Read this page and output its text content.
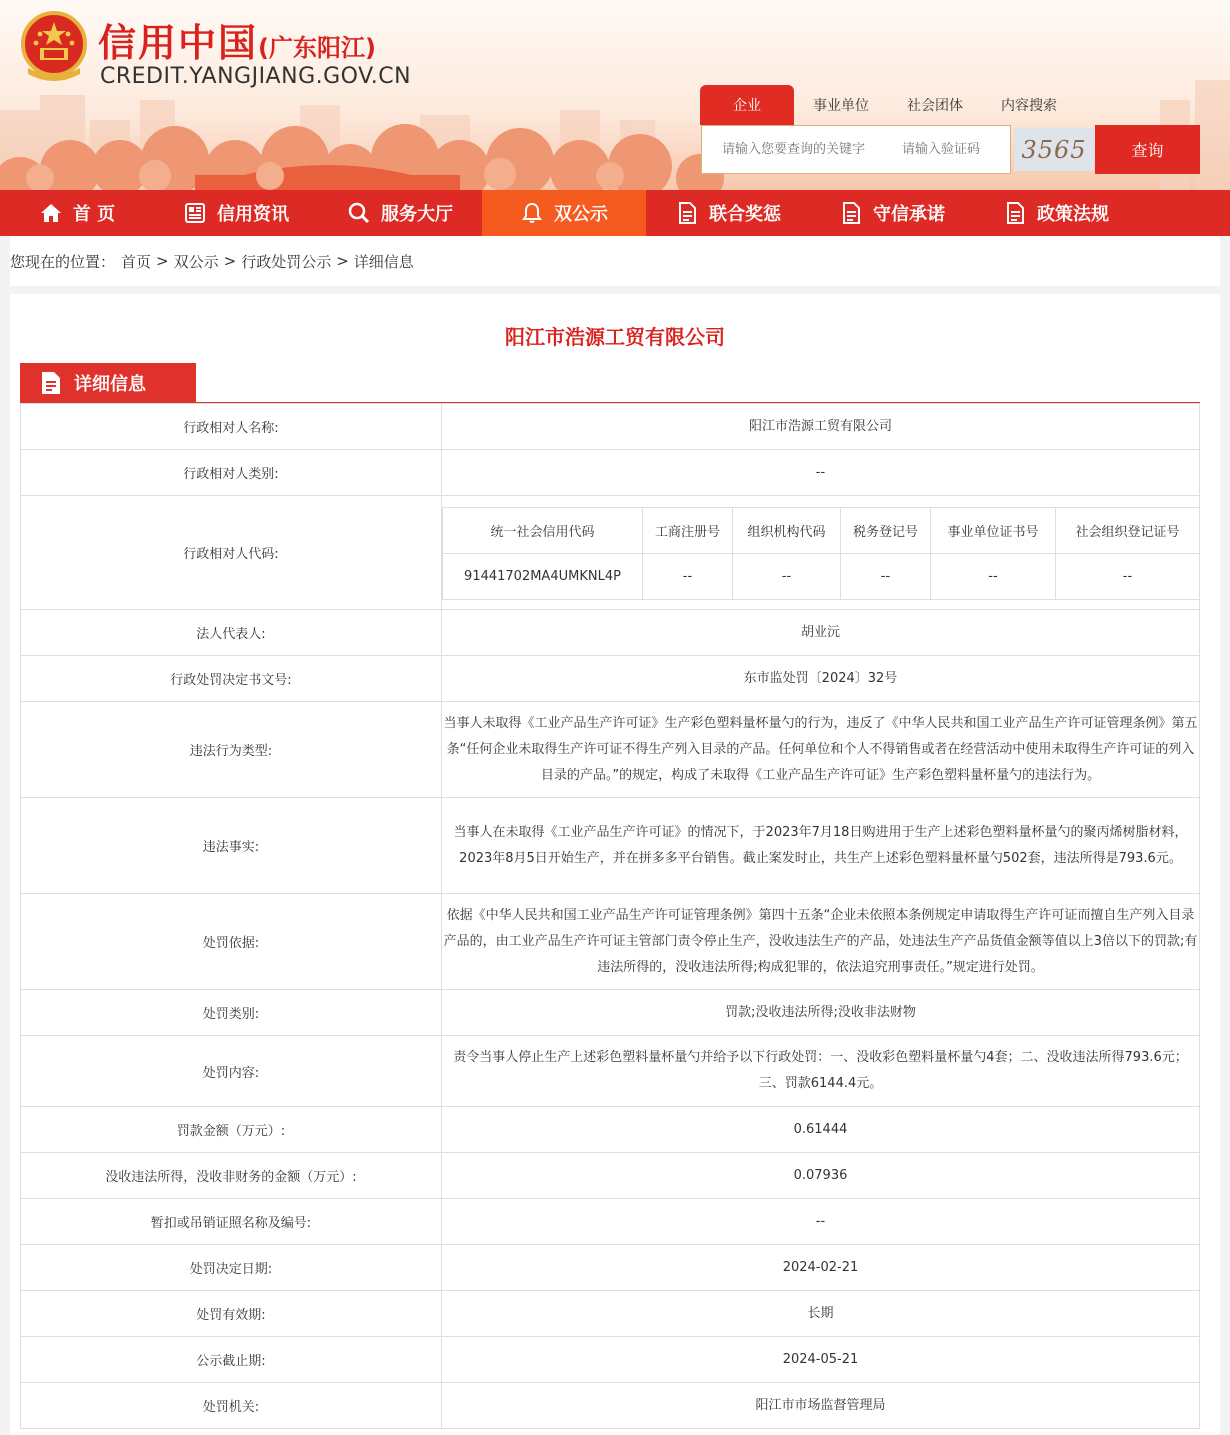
信用中国(广东阳江)
CREDIT.YANGJIANG.GOV.CN
企业	事业单位	社会团体	内容搜索
请输入您要查询的关键字
请输入验证码
3565	查询
首 页	信用资讯	服务大厅	双公示	联合奖惩	守信承诺	政策法规
您现在的位置： 首页 > 双公示 > 行政处罚公示 > 详细信息
阳江市浩源工贸有限公司
详细信息
行政相对人名称:	阳江市浩源工贸有限公司
行政相对人类别:	--
行政相对人代码:	
统一社会信用代码	工商注册号	组织机构代码	税务登记号	事业单位证书号	社会组织登记证号
91441702MA4UMKNL4P	--	--	--	--	--

法人代表人:	胡业沅
行政处罚决定书文号:	东市监处罚〔2024〕32号
违法行为类型:	当事人未取得《工业产品生产许可证》生产彩色塑料量杯量勺的行为，违反了《中华人民共和国工业产品生产许可证管理条例》第五条“任何企业未取得生产许可证不得生产列入目录的产品。任何单位和个人不得销售或者在经营活动中使用未取得生产许可证的列入目录的产品。”的规定，构成了未取得《工业产品生产许可证》生产彩色塑料量杯量勺的违法行为。
违法事实:	当事人在未取得《工业产品生产许可证》的情况下，于2023年7月18日购进用于生产上述彩色塑料量杯量勺的聚丙烯树脂材料，2023年8月5日开始生产，并在拼多多平台销售。截止案发时止，共生产上述彩色塑料量杯量勺502套，违法所得是793.6元。
处罚依据:	依据《中华人民共和国工业产品生产许可证管理条例》第四十五条“企业未依照本条例规定申请取得生产许可证而擅自生产列入目录产品的，由工业产品生产许可证主管部门责令停止生产，没收违法生产的产品，处违法生产产品货值金额等值以上3倍以下的罚款;有违法所得的，没收违法所得;构成犯罪的，依法追究刑事责任。”规定进行处罚。
处罚类别:	罚款;没收违法所得;没收非法财物
处罚内容:	责令当事人停止生产上述彩色塑料量杯量勺并给予以下行政处罚：一、没收彩色塑料量杯量勺4套；二、没收违法所得793.6元；三、罚款6144.4元。
罚款金额（万元）:	0.61444
没收违法所得，没收非财务的金额（万元）:	0.07936
暂扣或吊销证照名称及编号:	--
处罚决定日期:	2024-02-21
处罚有效期:	长期
公示截止期:	2024-05-21
处罚机关:	阳江市市场监督管理局
